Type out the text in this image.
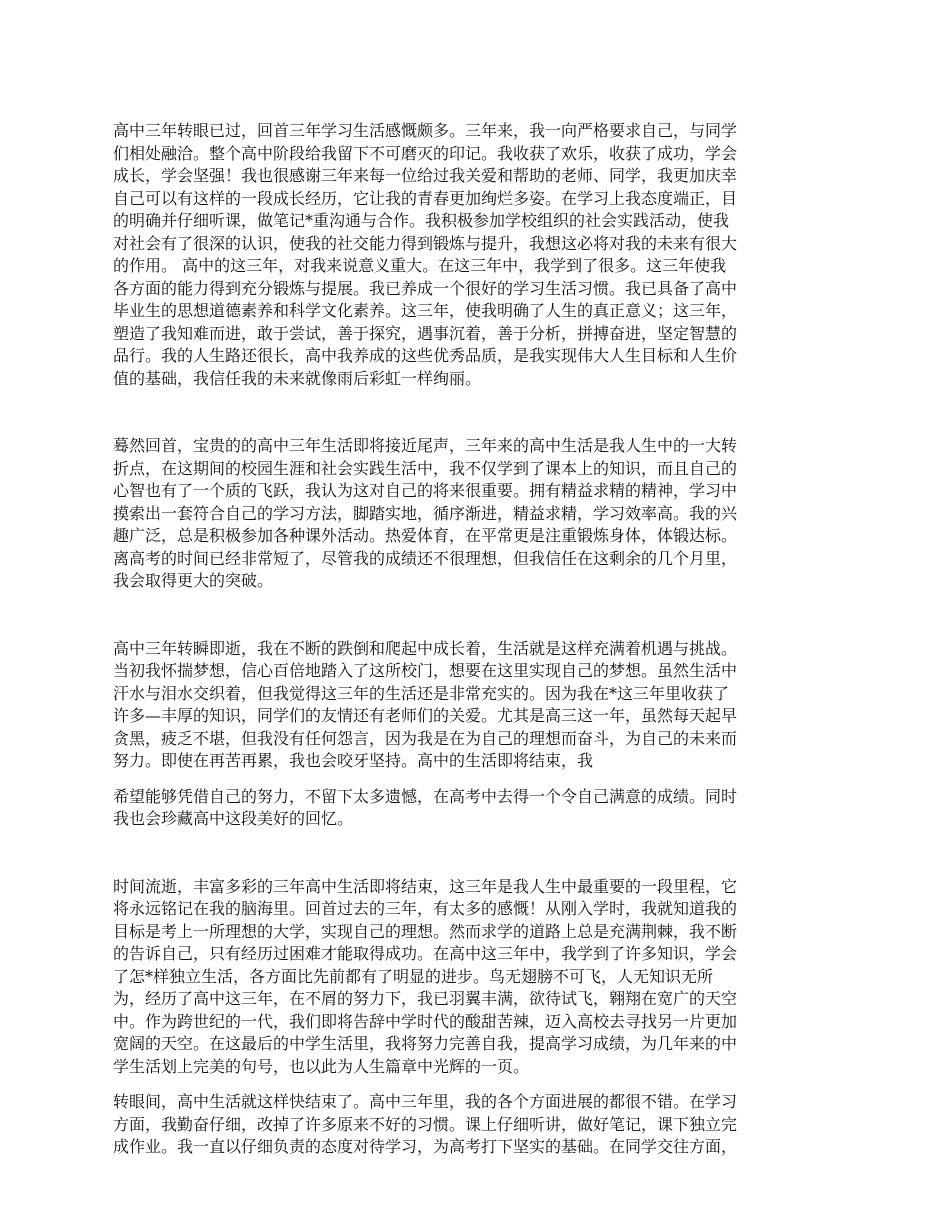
高中三年转眼已过，回首三年学习生活感慨颇多。三年来，我一向严格要求自己，与同学
们相处融洽。整个高中阶段给我留下不可磨灭的印记。我收获了欢乐，收获了成功，学会
成长，学会坚强！我也很感谢三年来每一位给过我关爱和帮助的老师、同学，我更加庆幸
自己可以有这样的一段成长经历，它让我的青春更加绚烂多姿。在学习上我态度端正，目
的明确并仔细听课，做笔记*重沟通与合作。我积极参加学校组织的社会实践活动，使我
对社会有了很深的认识，使我的社交能力得到锻炼与提升，我想这必将对我的未来有很大
的作用。 高中的这三年，对我来说意义重大。在这三年中，我学到了很多。这三年使我
各方面的能力得到充分锻炼与提展。我已养成一个很好的学习生活习惯。我已具备了高中
毕业生的思想道德素养和科学文化素养。这三年，使我明确了人生的真正意义；这三年，
塑造了我知难而进，敢于尝试，善于探究，遇事沉着，善于分析，拼搏奋进，坚定智慧的
品行。我的人生路还很长，高中我养成的这些优秀品质，是我实现伟大人生目标和人生价
值的基础，我信任我的未来就像雨后彩虹一样绚丽。

蓦然回首，宝贵的的高中三年生活即将接近尾声，三年来的高中生活是我人生中的一大转
折点，在这期间的校园生涯和社会实践生活中，我不仅学到了课本上的知识，而且自己的
心智也有了一个质的飞跃，我认为这对自己的将来很重要。拥有精益求精的精神，学习中
摸索出一套符合自己的学习方法，脚踏实地，循序渐进，精益求精，学习效率高。我的兴
趣广泛，总是积极参加各种课外活动。热爱体育，在平常更是注重锻炼身体，体锻达标。
离高考的时间已经非常短了，尽管我的成绩还不很理想，但我信任在这剩余的几个月里，
我会取得更大的突破。

高中三年转瞬即逝，我在不断的跌倒和爬起中成长着，生活就是这样充满着机遇与挑战。
当初我怀揣梦想，信心百倍地踏入了这所校门，想要在这里实现自己的梦想。虽然生活中
汗水与泪水交织着，但我觉得这三年的生活还是非常充实的。因为我在*这三年里收获了
许多—丰厚的知识，同学们的友情还有老师们的关爱。尤其是高三这一年，虽然每天起早
贪黑，疲乏不堪，但我没有任何怨言，因为我是在为自己的理想而奋斗，为自己的未来而
努力。即使在再苦再累，我也会咬牙坚持。高中的生活即将结束，我

希望能够凭借自己的努力，不留下太多遗憾，在高考中去得一个令自己满意的成绩。同时
我也会珍藏高中这段美好的回忆。

时间流逝，丰富多彩的三年高中生活即将结束，这三年是我人生中最重要的一段里程，它
将永远铭记在我的脑海里。回首过去的三年，有太多的感慨！从刚入学时，我就知道我的
目标是考上一所理想的大学，实现自己的理想。然而求学的道路上总是充满荆棘，我不断
的告诉自己，只有经历过困难才能取得成功。在高中这三年中，我学到了许多知识，学会
了怎*样独立生活，各方面比先前都有了明显的进步。鸟无翅膀不可飞，人无知识无所
为，经历了高中这三年，在不屑的努力下，我已羽翼丰满，欲待试飞，翱翔在宽广的天空
中。作为跨世纪的一代，我们即将告辞中学时代的酸甜苦辣，迈入高校去寻找另一片更加
宽阔的天空。在这最后的中学生活里，我将努力完善自我，提高学习成绩，为几年来的中
学生活划上完美的句号，也以此为人生篇章中光辉的一页。

转眼间，高中生活就这样快结束了。高中三年里，我的各个方面进展的都很不错。在学习
方面，我勤奋仔细，改掉了许多原来不好的习惯。课上仔细听讲，做好笔记，课下独立完
成作业。我一直以仔细负责的态度对待学习，为高考打下坚实的基础。在同学交往方面，
